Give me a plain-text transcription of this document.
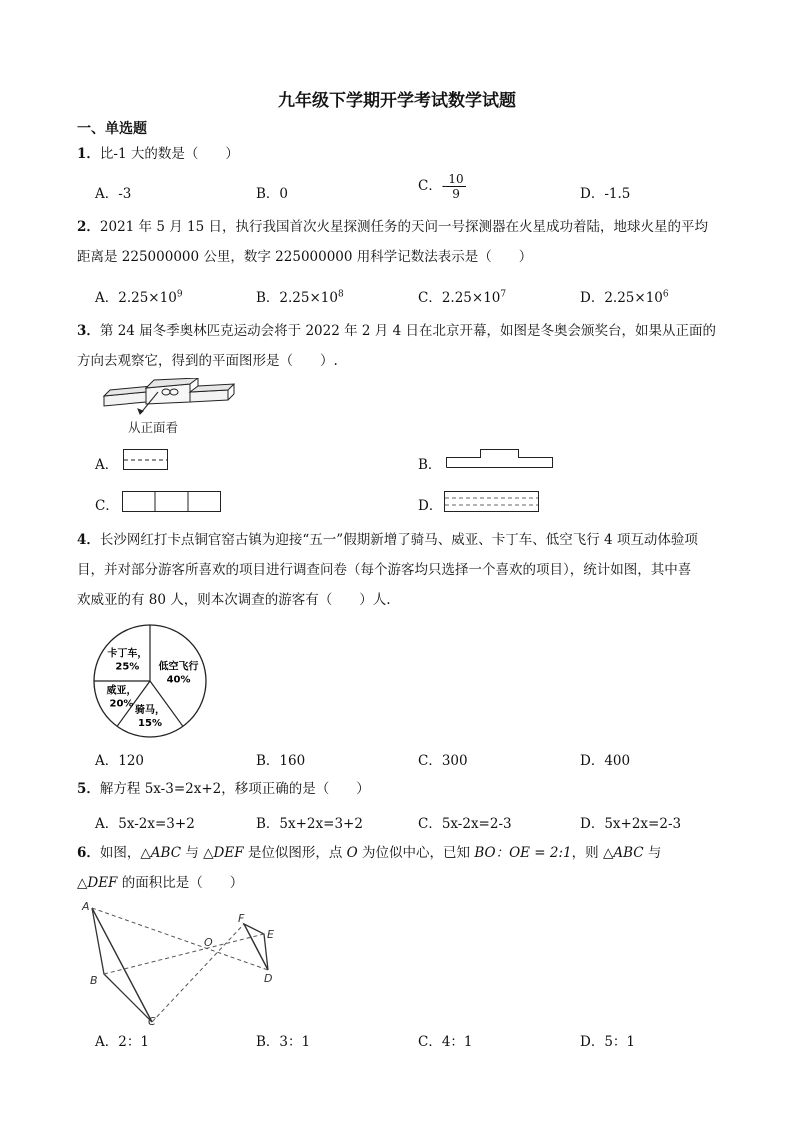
九年级下学期开学考试数学试题
一、单选题
1．比-1 大的数是（　　）
A．-3	B．0	C．- $\frac{10}{9}$	D．-1.5
2．2021 年 5 月 15 日，执行我国首次火星探测任务的天问一号探测器在火星成功着陆，地球火星的平均
距离是 225000000 公里，数字 225000000 用科学记数法表示是（　　）
A．$2.25\times 10^9$	B．$2.25\times 10^8$	C．$2.25\times 10^7$	D．$2.25\times 10^6$
3．第 24 届冬季奥林匹克运动会将于 2022 年 2 月 4 日在北京开幕，如图是冬奥会颁奖台，如果从正面的
方向去观察它，得到的平面图形是（　　）.
从正面看
A．	B．
C．	D．
4．长沙网红打卡点铜官窑古镇为迎接“五一”假期新增了骑马、威亚、卡丁车、低空飞行 4 项互动体验项
目，并对部分游客所喜欢的项目进行调查问卷（每个游客均只选择一个喜欢的项目），统计如图，其中喜
欢威亚的有 80 人，则本次调查的游客有（　　）人.
卡丁车，
25% 低空飞行
40%
威亚，
20%
骑马，
15%
A．120	B．160	C．300	D．400
5．解方程 5x-3=2x+2，移项正确的是（　　）
A．5x-2x=3+2	B．5x+2x=3+2	C．5x-2x=2-3	D．5x+2x=2-3
6．如图，△ABC 与 △DEF 是位似图形，点 O 为位似中心，已知 BO：OE = 2:1，则 △ABC 与
△DEF 的面积比是（　　）
A
B
C
O
F
E
D
A．2：1	B．3：1	C．4：1	D．5：1
